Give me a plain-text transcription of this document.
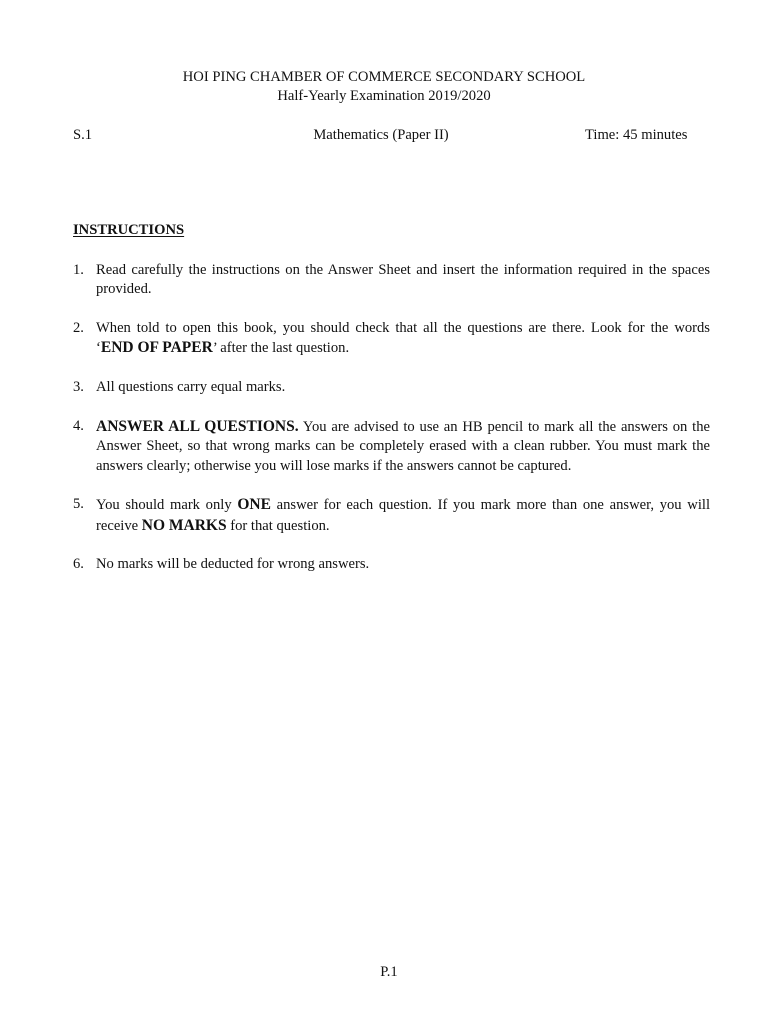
HOI PING CHAMBER OF COMMERCE SECONDARY SCHOOL
Half-Yearly Examination 2019/2020
S.1	Mathematics (Paper II)	Time: 45 minutes
INSTRUCTIONS
1. Read carefully the instructions on the Answer Sheet and insert the information required in the spaces provided.
2. When told to open this book, you should check that all the questions are there. Look for the words ‘END OF PAPER’ after the last question.
3. All questions carry equal marks.
4. ANSWER ALL QUESTIONS. You are advised to use an HB pencil to mark all the answers on the Answer Sheet, so that wrong marks can be completely erased with a clean rubber. You must mark the answers clearly; otherwise you will lose marks if the answers cannot be captured.
5. You should mark only ONE answer for each question. If you mark more than one answer, you will receive NO MARKS for that question.
6. No marks will be deducted for wrong answers.
P.1
